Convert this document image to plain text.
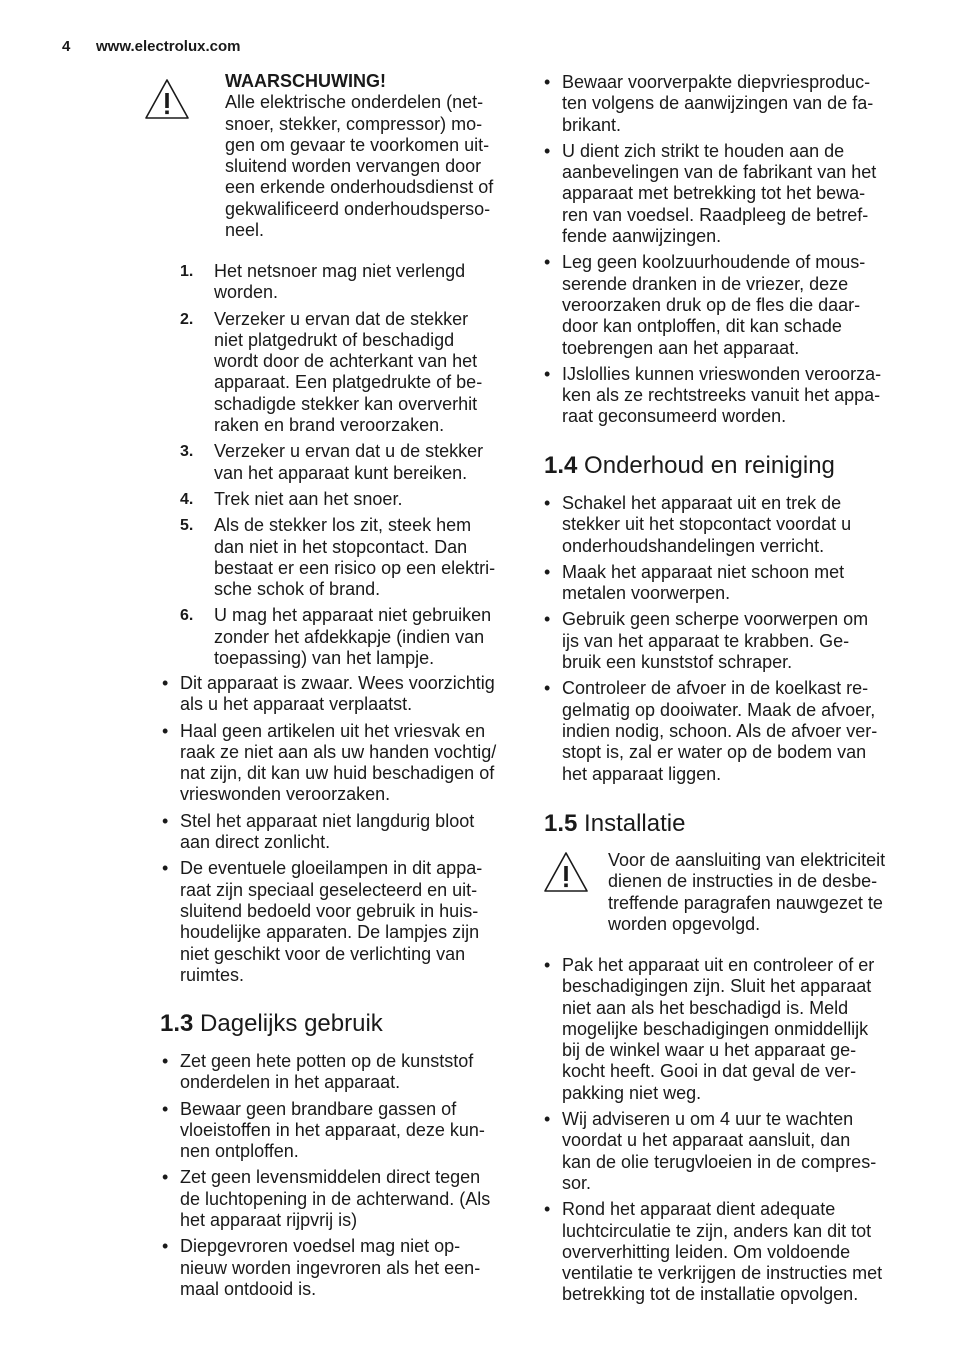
4 www.electrolux.com
WAARSCHUWING!
Alle elektrische onderdelen (net-
snoer, stekker, compressor) mo-
gen om gevaar te voorkomen uit-
sluitend worden vervangen door
een erkende onderhoudsdienst of
gekwalificeerd onderhoudsperso-
neel.
1. Het netsnoer mag niet verlengd
worden.
2. Verzeker u ervan dat de stekker
niet platgedrukt of beschadigd
wordt door de achterkant van het
apparaat. Een platgedrukte of be-
schadigde stekker kan oververhit
raken en brand veroorzaken.
3. Verzeker u ervan dat u de stekker
van het apparaat kunt bereiken.
4. Trek niet aan het snoer.
5. Als de stekker los zit, steek hem
dan niet in het stopcontact. Dan
bestaat er een risico op een elektri-
sche schok of brand.
6. U mag het apparaat niet gebruiken
zonder het afdekkapje (indien van
toepassing) van het lampje.
• Dit apparaat is zwaar. Wees voorzichtig
als u het apparaat verplaatst.
• Haal geen artikelen uit het vriesvak en
raak ze niet aan als uw handen vochtig/
nat zijn, dit kan uw huid beschadigen of
vrieswonden veroorzaken.
• Stel het apparaat niet langdurig bloot
aan direct zonlicht.
• De eventuele gloeilampen in dit appa-
raat zijn speciaal geselecteerd en uit-
sluitend bedoeld voor gebruik in huis-
houdelijke apparaten. De lampjes zijn
niet geschikt voor de verlichting van
ruimtes.
1.3 Dagelijks gebruik
• Zet geen hete potten op de kunststof
onderdelen in het apparaat.
• Bewaar geen brandbare gassen of
vloeistoffen in het apparaat, deze kun-
nen ontploffen.
• Zet geen levensmiddelen direct tegen
de luchtopening in de achterwand. (Als
het apparaat rijpvrij is)
• Diepgevroren voedsel mag niet op-
nieuw worden ingevroren als het een-
maal ontdooid is.
• Bewaar voorverpakte diepvriesproduc-
ten volgens de aanwijzingen van de fa-
brikant.
• U dient zich strikt te houden aan de
aanbevelingen van de fabrikant van het
apparaat met betrekking tot het bewa-
ren van voedsel. Raadpleeg de betref-
fende aanwijzingen.
• Leg geen koolzuurhoudende of mous-
serende dranken in de vriezer, deze
veroorzaken druk op de fles die daar-
door kan ontploffen, dit kan schade
toebrengen aan het apparaat.
• IJslollies kunnen vrieswonden veroorza-
ken als ze rechtstreeks vanuit het appa-
raat geconsumeerd worden.
1.4 Onderhoud en reiniging
• Schakel het apparaat uit en trek de
stekker uit het stopcontact voordat u
onderhoudshandelingen verricht.
• Maak het apparaat niet schoon met
metalen voorwerpen.
• Gebruik geen scherpe voorwerpen om
ijs van het apparaat te krabben. Ge-
bruik een kunststof schraper.
• Controleer de afvoer in de koelkast re-
gelmatig op dooiwater. Maak de afvoer,
indien nodig, schoon. Als de afvoer ver-
stopt is, zal er water op de bodem van
het apparaat liggen.
1.5 Installatie
Voor de aansluiting van elektriciteit
dienen de instructies in de desbe-
treffende paragrafen nauwgezet te
worden opgevolgd.
• Pak het apparaat uit en controleer of er
beschadigingen zijn. Sluit het apparaat
niet aan als het beschadigd is. Meld
mogelijke beschadigingen onmiddellijk
bij de winkel waar u het apparaat ge-
kocht heeft. Gooi in dat geval de ver-
pakking niet weg.
• Wij adviseren u om 4 uur te wachten
voordat u het apparaat aansluit, dan
kan de olie terugvloeien in de compres-
sor.
• Rond het apparaat dient adequate
luchtcirculatie te zijn, anders kan dit tot
oververhitting leiden. Om voldoende
ventilatie te verkrijgen de instructies met
betrekking tot de installatie opvolgen.
